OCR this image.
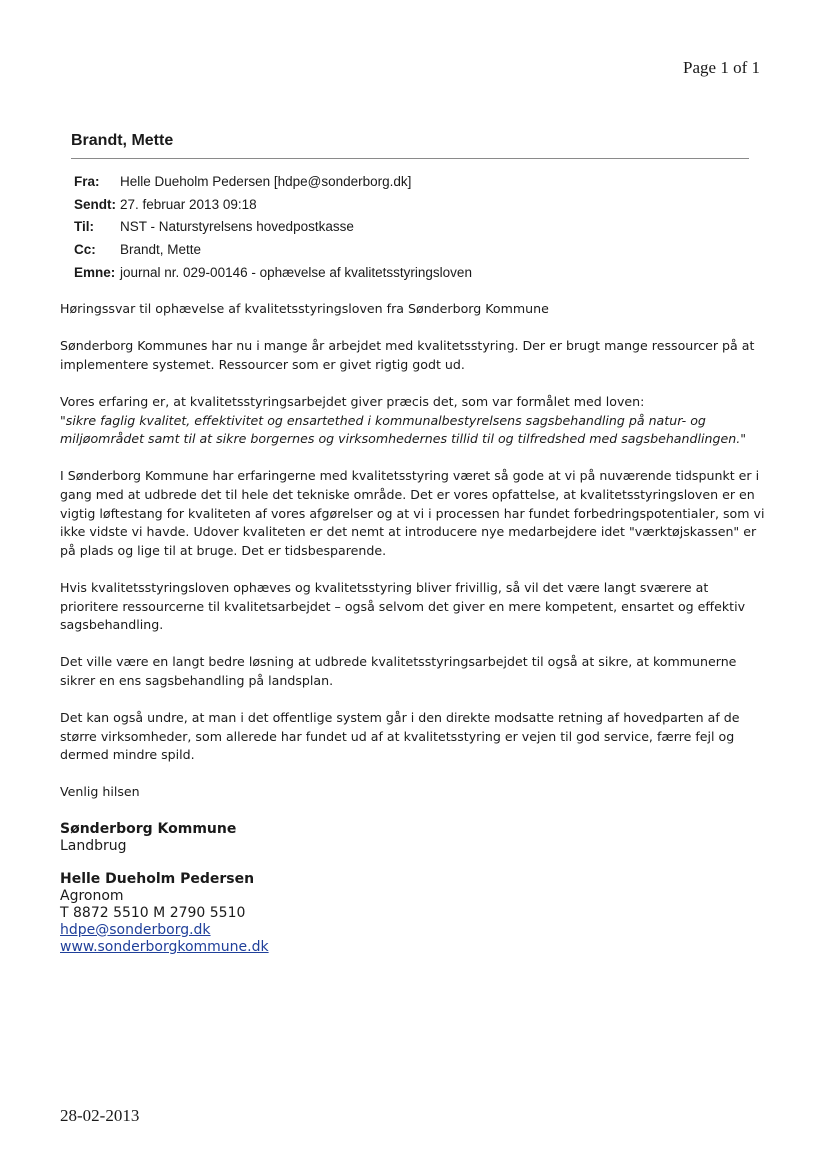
Page 1 of 1
Brandt, Mette
Fra:	Helle Dueholm Pedersen [hdpe@sonderborg.dk]
Sendt: 27. februar 2013 09:18
Til:	NST - Naturstyrelsens hovedpostkasse
Cc:	Brandt, Mette
Emne: journal nr. 029-00146 - ophævelse af kvalitetsstyringsloven

Høringssvar til ophævelse af kvalitetsstyringsloven fra Sønderborg Kommune

Sønderborg Kommunes har nu i mange år arbejdet med kvalitetsstyring. Der er brugt mange ressourcer på at implementere systemet. Ressourcer som er givet rigtig godt ud.

Vores erfaring er, at kvalitetsstyringsarbejdet giver præcis det, som var formålet med loven:
"sikre faglig kvalitet, effektivitet og ensartethed i kommunalbestyrelsens sagsbehandling på natur- og miljøområdet samt til at sikre borgernes og virksomhedernes tillid til og tilfredshed med sagsbehandlingen."

I Sønderborg Kommune har erfaringerne med kvalitetsstyring været så gode at vi på nuværende tidspunkt er i gang med at udbrede det til hele det tekniske område. Det er vores opfattelse, at kvalitetsstyringsloven er en vigtig løftestang for kvaliteten af vores afgørelser og at vi i processen har fundet forbedringspotentialer, som vi ikke vidste vi havde. Udover kvaliteten er det nemt at introducere nye medarbejdere idet "værktøjskassen" er på plads og lige til at bruge. Det er tidsbesparende.

Hvis kvalitetsstyringsloven ophæves og kvalitetsstyring bliver frivillig, så vil det være langt sværere at prioritere ressourcerne til kvalitetsarbejdet – også selvom det giver en mere kompetent, ensartet og effektiv sagsbehandling.

Det ville være en langt bedre løsning at udbrede kvalitetsstyringsarbejdet til også at sikre, at kommunerne sikrer en ens sagsbehandling på landsplan.

Det kan også undre, at man i det offentlige system går i den direkte modsatte retning af hovedparten af de større virksomheder, som allerede har fundet ud af at kvalitetsstyring er vejen til god service, færre fejl og dermed mindre spild.

Venlig hilsen

Sønderborg Kommune
Landbrug
Helle Dueholm Pedersen
Agronom
T 8872 5510 M 2790 5510
hdpe@sonderborg.dk
www.sonderborgkommune.dk
28-02-2013
